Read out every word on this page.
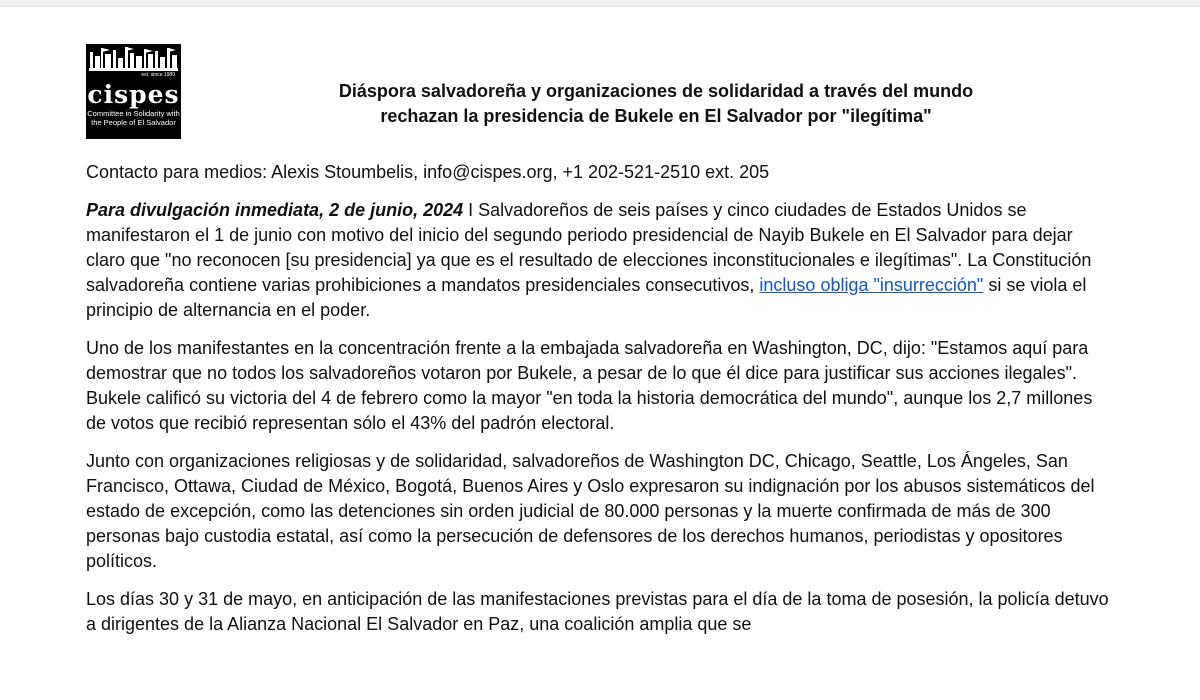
est. since 1980
cispes
Committee in Solidarity with
the People of El Salvador
Diáspora salvadoreña y organizaciones de solidaridad a través del mundo
rechazan la presidencia de Bukele en El Salvador por "ilegítima"

Contacto para medios: Alexis Stoumbelis, info@cispes.org, +1 202-521-2510 ext. 205

Para divulgación inmediata, 2 de junio, 2024 I Salvadoreños de seis países y cinco ciudades de Estados Unidos se manifestaron el 1 de junio con motivo del inicio del segundo periodo presidencial de Nayib Bukele en El Salvador para dejar claro que "no reconocen [su presidencia] ya que es el resultado de elecciones inconstitucionales e ilegítimas". La Constitución salvadoreña contiene varias prohibiciones a mandatos presidenciales consecutivos, incluso obliga "insurrección" si se viola el principio de alternancia en el poder.

Uno de los manifestantes en la concentración frente a la embajada salvadoreña en Washington, DC, dijo: "Estamos aquí para demostrar que no todos los salvadoreños votaron por Bukele, a pesar de lo que él dice para justificar sus acciones ilegales". Bukele calificó su victoria del 4 de febrero como la mayor "en toda la historia democrática del mundo", aunque los 2,7 millones de votos que recibió representan sólo el 43% del padrón electoral.

Junto con organizaciones religiosas y de solidaridad, salvadoreños de Washington DC, Chicago, Seattle, Los Ángeles, San Francisco, Ottawa, Ciudad de México, Bogotá, Buenos Aires y Oslo expresaron su indignación por los abusos sistemáticos del estado de excepción, como las detenciones sin orden judicial de 80.000 personas y la muerte confirmada de más de 300 personas bajo custodia estatal, así como la persecución de defensores de los derechos humanos, periodistas y opositores políticos.

Los días 30 y 31 de mayo, en anticipación de las manifestaciones previstas para el día de la toma de posesión, la policía detuvo a dirigentes de la Alianza Nacional El Salvador en Paz, una coalición amplia que se
